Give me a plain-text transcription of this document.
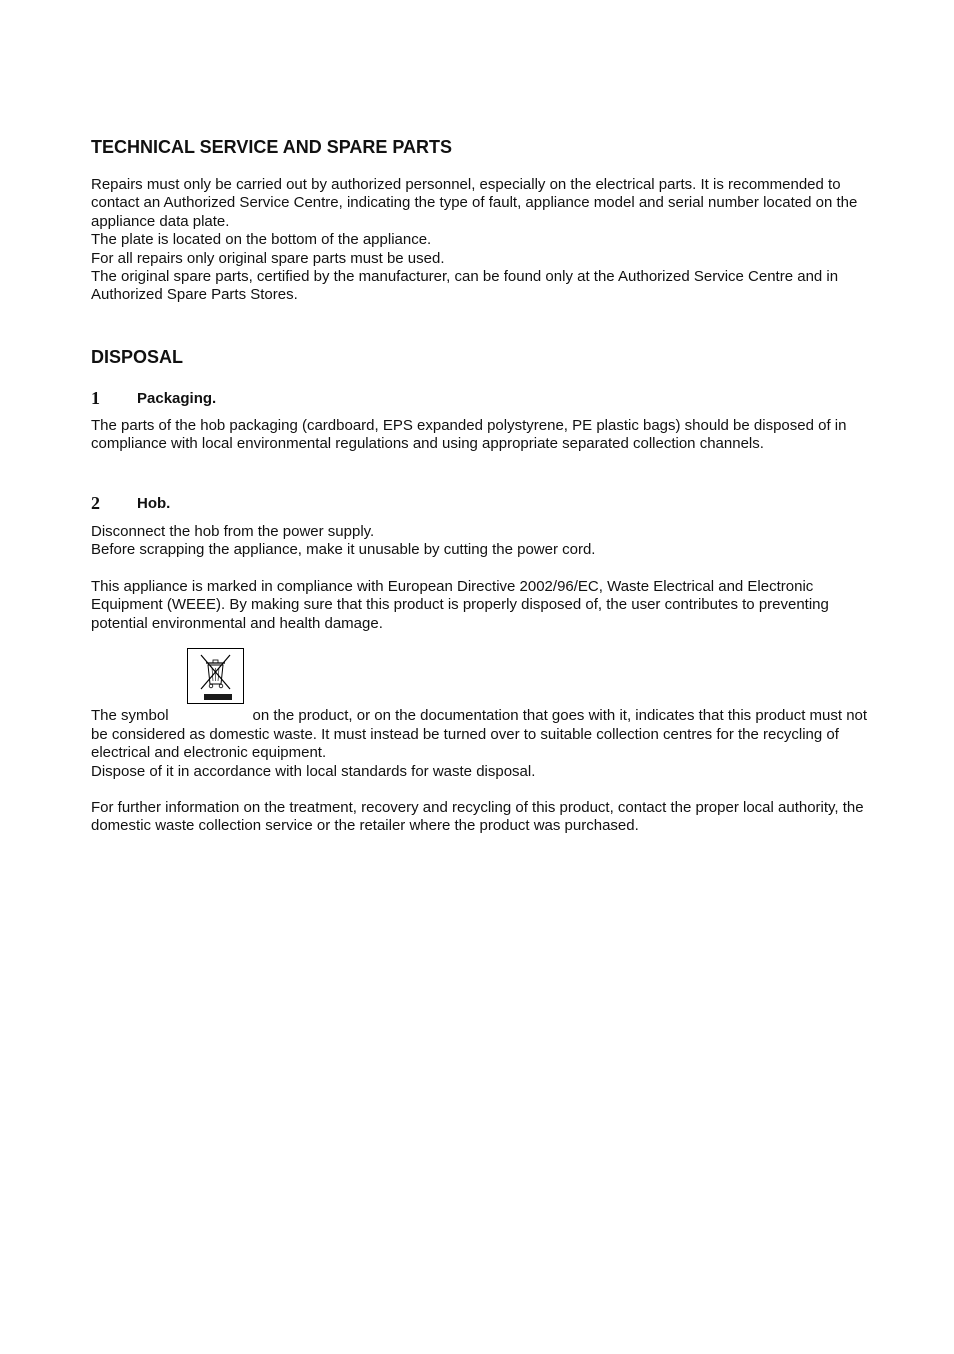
TECHNICAL SERVICE AND SPARE PARTS

Repairs must only be carried out by authorized personnel, especially on the electrical parts. It is recommended to contact an Authorized Service Centre, indicating the type of fault, appliance model and serial number located on the appliance data plate.
The plate is located on the bottom of the appliance.
For all repairs only original spare parts must be used.
The original spare parts, certified by the manufacturer, can be found only at the Authorized Service Centre and in Authorized Spare Parts Stores.

DISPOSAL
1 Packaging.

The parts of the hob packaging (cardboard, EPS expanded polystyrene, PE plastic bags) should be disposed of in compliance with local environmental regulations and using appropriate separated collection channels.

2 Hob.

Disconnect the hob from the power supply.
Before scrapping the appliance, make it unusable by cutting the power cord.

This appliance is marked in compliance with European Directive 2002/96/EC, Waste Electrical and Electronic Equipment (WEEE). By making sure that this product is properly disposed of, the user contributes to preventing potential environmental and health damage.

The symbol	on the product, or on the documentation that goes with it, indicates that this product must not be considered as domestic waste. It must instead be turned over to suitable collection centres for the recycling of electrical and electronic equipment.

Dispose of it in accordance with local standards for waste disposal.

For further information on the treatment, recovery and recycling of this product, contact the proper local authority, the domestic waste collection service or the retailer where the product was purchased.
